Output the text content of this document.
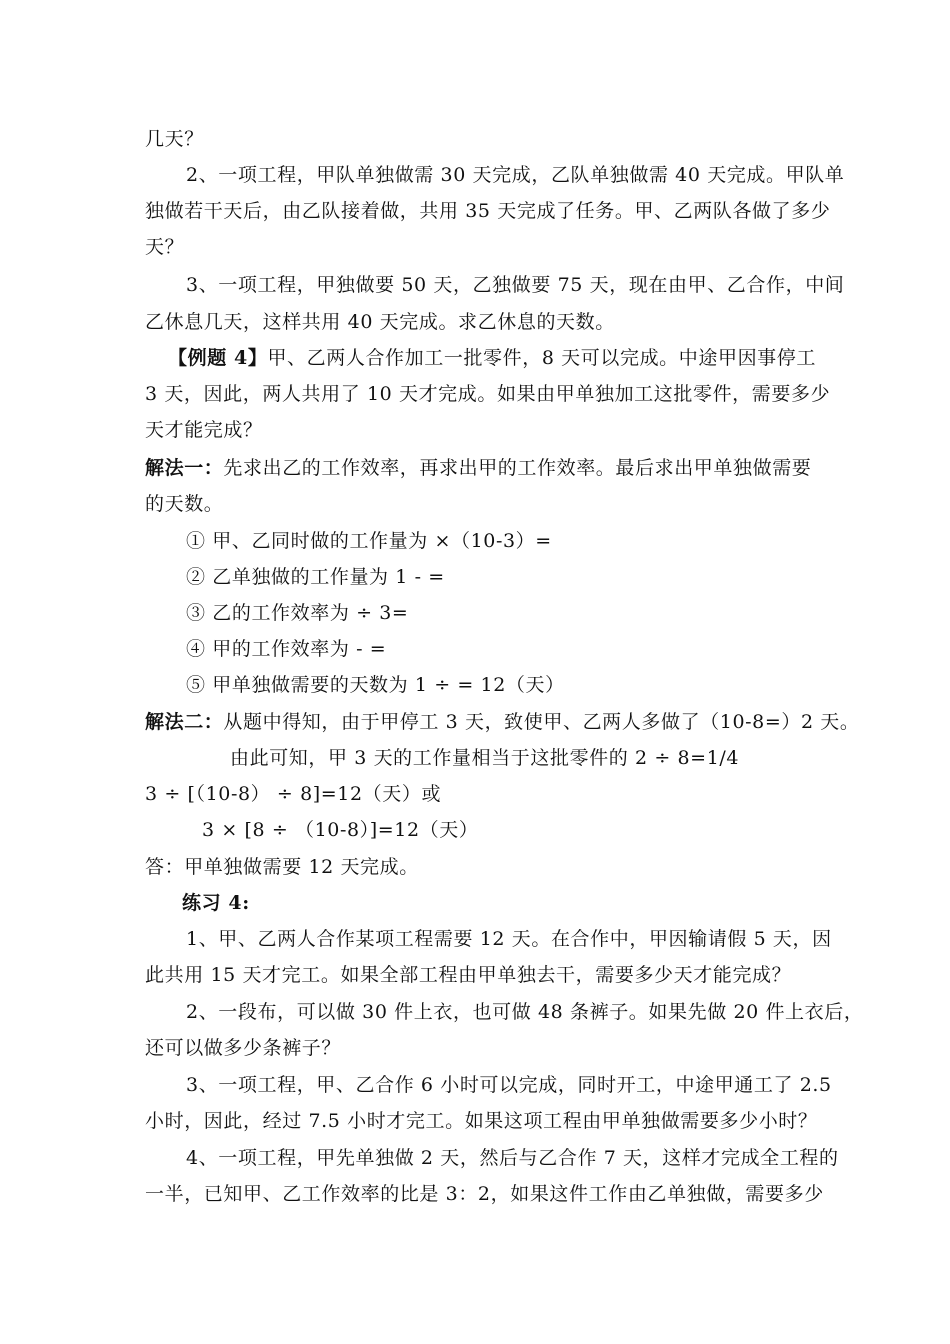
几天？
2、一项工程，甲队单独做需 30 天完成，乙队单独做需 40 天完成。甲队单
独做若干天后，由乙队接着做，共用 35 天完成了任务。甲、乙两队各做了多少
天？
3、一项工程，甲独做要 50 天，乙独做要 75 天，现在由甲、乙合作，中间
乙休息几天，这样共用 40 天完成。求乙休息的天数。
【例题 4】甲、乙两人合作加工一批零件，8 天可以完成。中途甲因事停工
3 天，因此，两人共用了 10 天才完成。如果由甲单独加工这批零件，需要多少
天才能完成？
解法一：先求出乙的工作效率，再求出甲的工作效率。最后求出甲单独做需要
的天数。
① 甲、乙同时做的工作量为 ×（10-3）=
② 乙单独做的工作量为 1 - =
③ 乙的工作效率为 ÷ 3=
④ 甲的工作效率为 - =
⑤ 甲单独做需要的天数为 1 ÷ = 12（天）
解法二：从题中得知，由于甲停工 3 天，致使甲、乙两人多做了（10-8=）2 天。
由此可知，甲 3 天的工作量相当于这批零件的 2 ÷ 8=1/4
3 ÷ [（10-8） ÷ 8]=12（天）或
3 × [8 ÷ （10-8）]=12（天）
答：甲单独做需要 12 天完成。
练习 4:
1、甲、乙两人合作某项工程需要 12 天。在合作中，甲因输请假 5 天，因
此共用 15 天才完工。如果全部工程由甲单独去干，需要多少天才能完成？
2、一段布，可以做 30 件上衣，也可做 48 条裤子。如果先做 20 件上衣后，
还可以做多少条裤子？
3、一项工程，甲、乙合作 6 小时可以完成，同时开工，中途甲通工了 2.5
小时，因此，经过 7.5 小时才完工。如果这项工程由甲单独做需要多少小时？
4、一项工程，甲先单独做 2 天，然后与乙合作 7 天，这样才完成全工程的
一半，已知甲、乙工作效率的比是 3：2，如果这件工作由乙单独做，需要多少
